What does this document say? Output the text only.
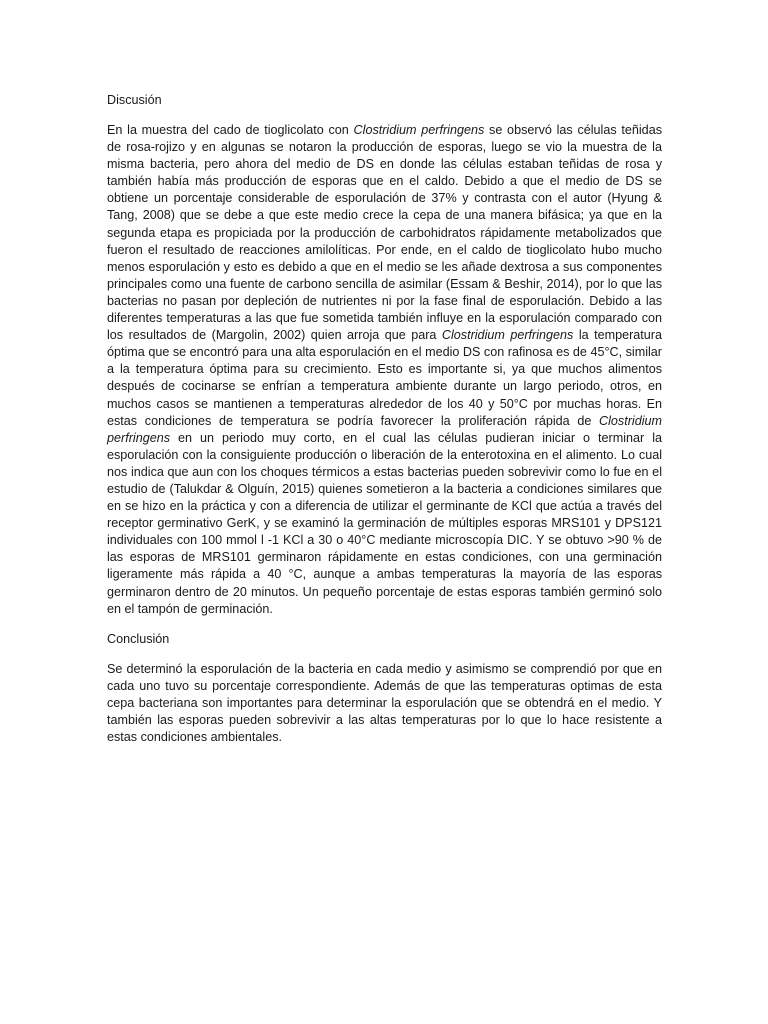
Discusión

En la muestra del cado de tioglicolato con Clostridium perfringens se observó las células teñidas de rosa-rojizo y en algunas se notaron la producción de esporas, luego se vio la muestra de la misma bacteria, pero ahora del medio de DS en donde las células estaban teñidas de rosa y también había más producción de esporas que en el caldo. Debido a que el medio de DS se obtiene un porcentaje considerable de esporulación de 37% y contrasta con el autor (Hyung & Tang, 2008) que se debe a que este medio crece la cepa de una manera bifásica; ya que en la segunda etapa es propiciada por la producción de carbohidratos rápidamente metabolizados que fueron el resultado de reacciones amilolíticas. Por ende, en el caldo de tioglicolato hubo mucho menos esporulación y esto es debido a que en el medio se les añade dextrosa a sus componentes principales como una fuente de carbono sencilla de asimilar (Essam & Beshir, 2014), por lo que las bacterias no pasan por depleción de nutrientes ni por la fase final de esporulación. Debido a las diferentes temperaturas a las que fue sometida también influye en la esporulación comparado con los resultados de (Margolin, 2002) quien arroja que para Clostridium perfringens la temperatura óptima que se encontró para una alta esporulación en el medio DS con rafinosa es de 45°C, similar a la temperatura óptima para su crecimiento. Esto es importante si, ya que muchos alimentos después de cocinarse se enfrían a temperatura ambiente durante un largo periodo, otros, en muchos casos se mantienen a temperaturas alrededor de los 40 y 50°C por muchas horas. En estas condiciones de temperatura se podría favorecer la proliferación rápida de Clostridium perfringens en un periodo muy corto, en el cual las células pudieran iniciar o terminar la esporulación con la consiguiente producción o liberación de la enterotoxina en el alimento. Lo cual nos indica que aun con los choques térmicos a estas bacterias pueden sobrevivir como lo fue en el estudio de (Talukdar & Olguín, 2015) quienes sometieron a la bacteria a condiciones similares que en se hizo en la práctica y con a diferencia de utilizar el germinante de KCl que actúa a través del receptor germinativo GerK, y se examinó la germinación de múltiples esporas MRS101 y DPS121 individuales con 100 mmol l -1 KCl a 30 o 40°C mediante microscopía DIC. Y se obtuvo >90 % de las esporas de MRS101 germinaron rápidamente en estas condiciones, con una germinación ligeramente más rápida a 40 °C, aunque a ambas temperaturas la mayoría de las esporas germinaron dentro de 20 minutos. Un pequeño porcentaje de estas esporas también germinó solo en el tampón de germinación.

Conclusión

Se determinó la esporulación de la bacteria en cada medio y asimismo se comprendió por que en cada uno tuvo su porcentaje correspondiente. Además de que las temperaturas optimas de esta cepa bacteriana son importantes para determinar la esporulación que se obtendrá en el medio. Y también las esporas pueden sobrevivir a las altas temperaturas por lo que lo hace resistente a estas condiciones ambientales.
